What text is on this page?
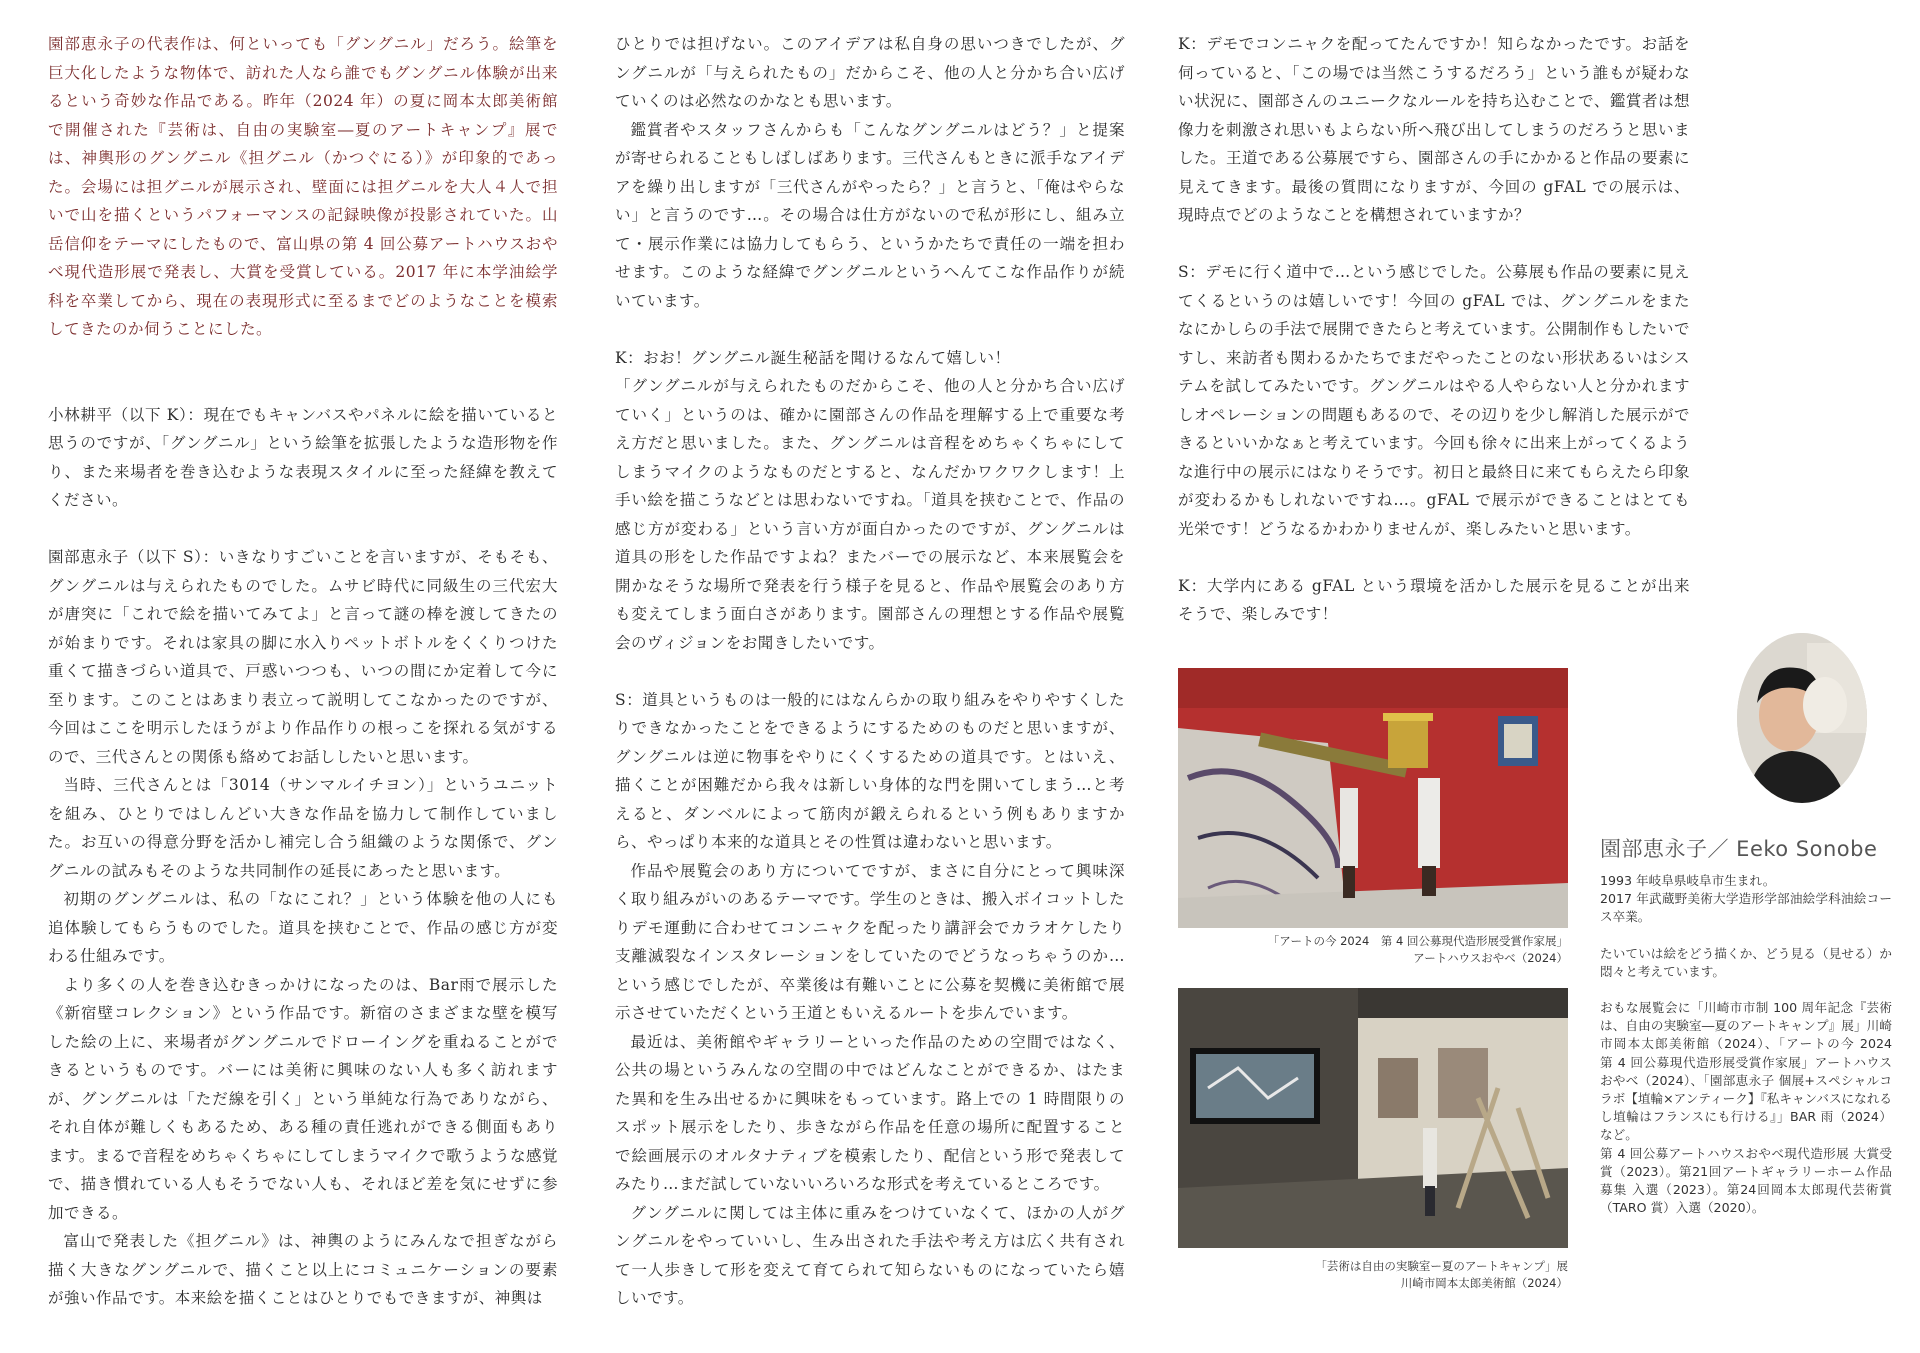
園部恵永子の代表作は、何といっても「グングニル」だろう。絵筆を巨大化したような物体で、訪れた人なら誰でもグングニル体験が出来るという奇妙な作品である。昨年（2024 年）の夏に岡本太郎美術館で開催された『芸術は、自由の実験室―夏のアートキャンプ』展では、神輿形のグングニル《担グニル（かつぐにる）》が印象的であった。会場には担グニルが展示され、壁面には担グニルを大人４人で担いで山を描くというパフォーマンスの記録映像が投影されていた。山岳信仰をテーマにしたもので、富山県の第 4 回公募アートハウスおやべ現代造形展で発表し、大賞を受賞している。2017 年に本学油絵学科を卒業してから、現在の表現形式に至るまでどのようなことを模索してきたのか伺うことにした。

小林耕平（以下 K）：現在でもキャンバスやパネルに絵を描いていると思うのですが、「グングニル」という絵筆を拡張したような造形物を作り、また来場者を巻き込むような表現スタイルに至った経緯を教えてください。

園部恵永子（以下 S）：いきなりすごいことを言いますが、そもそも、グングニルは与えられたものでした。ムサビ時代に同級生の三代宏大が唐突に「これで絵を描いてみてよ」と言って謎の棒を渡してきたのが始まりです。それは家具の脚に水入りペットボトルをくくりつけた重くて描きづらい道具で、戸惑いつつも、いつの間にか定着して今に至ります。このことはあまり表立って説明してこなかったのですが、今回はここを明示したほうがより作品作りの根っこを探れる気がするので、三代さんとの関係も絡めてお話ししたいと思います。

当時、三代さんとは「3014（サンマルイチヨン）」というユニットを組み、ひとりではしんどい大きな作品を協力して制作していました。お互いの得意分野を活かし補完し合う組織のような関係で、グングニルの試みもそのような共同制作の延長にあったと思います。

初期のグングニルは、私の「なにこれ？」という体験を他の人にも追体験してもらうものでした。道具を挟むことで、作品の感じ方が変わる仕組みです。

より多くの人を巻き込むきっかけになったのは、Bar雨で展示した《新宿壁コレクション》という作品です。新宿のさまざまな壁を模写した絵の上に、来場者がグングニルでドローイングを重ねることができるというものです。バーには美術に興味のない人も多く訪れますが、グングニルは「ただ線を引く」という単純な行為でありながら、それ自体が難しくもあるため、ある種の責任逃れができる側面もあります。まるで音程をめちゃくちゃにしてしまうマイクで歌うような感覚で、描き慣れている人もそうでない人も、それほど差を気にせずに参加できる。

富山で発表した《担グニル》は、神輿のようにみんなで担ぎながら描く大きなグングニルで、描くこと以上にコミュニケーションの要素が強い作品です。本来絵を描くことはひとりでもできますが、神輿は

ひとりでは担げない。このアイデアは私自身の思いつきでしたが、グングニルが「与えられたもの」だからこそ、他の人と分かち合い広げていくのは必然なのかなとも思います。

鑑賞者やスタッフさんからも「こんなグングニルはどう？」と提案が寄せられることもしばしばあります。三代さんもときに派手なアイデアを繰り出しますが「三代さんがやったら？」と言うと、「俺はやらない」と言うのです…。その場合は仕方がないので私が形にし、組み立て・展示作業には協力してもらう、というかたちで責任の一端を担わせます。このような経緯でグングニルというへんてこな作品作りが続いています。

K：おお！グングニル誕生秘話を聞けるなんて嬉しい！

「グングニルが与えられたものだからこそ、他の人と分かち合い広げていく」というのは、確かに園部さんの作品を理解する上で重要な考え方だと思いました。また、グングニルは音程をめちゃくちゃにしてしまうマイクのようなものだとすると、なんだかワクワクします！上手い絵を描こうなどとは思わないですね。「道具を挟むことで、作品の感じ方が変わる」という言い方が面白かったのですが、グングニルは道具の形をした作品ですよね？またバーでの展示など、本来展覧会を開かなそうな場所で発表を行う様子を見ると、作品や展覧会のあり方も変えてしまう面白さがあります。園部さんの理想とする作品や展覧会のヴィジョンをお聞きしたいです。

S：道具というものは一般的にはなんらかの取り組みをやりやすくしたりできなかったことをできるようにするためのものだと思いますが、グングニルは逆に物事をやりにくくするための道具です。とはいえ、描くことが困難だから我々は新しい身体的な門を開いてしまう…と考えると、ダンベルによって筋肉が鍛えられるという例もありますから、やっぱり本来的な道具とその性質は違わないと思います。

作品や展覧会のあり方についてですが、まさに自分にとって興味深く取り組みがいのあるテーマです。学生のときは、搬入ボイコットしたりデモ運動に合わせてコンニャクを配ったり講評会でカラオケしたり支離滅裂なインスタレーションをしていたのでどうなっちゃうのか…という感じでしたが、卒業後は有難いことに公募を契機に美術館で展示させていただくという王道ともいえるルートを歩んでいます。

最近は、美術館やギャラリーといった作品のための空間ではなく、公共の場というみんなの空間の中ではどんなことができるか、はたまた異和を生み出せるかに興味をもっています。路上での 1 時間限りのスポット展示をしたり、歩きながら作品を任意の場所に配置することで絵画展示のオルタナティブを模索したり、配信という形で発表してみたり…まだ試していないいろいろな形式を考えているところです。

グングニルに関しては主体に重みをつけていなくて、ほかの人がグングニルをやっていいし、生み出された手法や考え方は広く共有されて一人歩きして形を変えて育てられて知らないものになっていたら嬉しいです。

K：デモでコンニャクを配ってたんですか！知らなかったです。お話を伺っていると、「この場では当然こうするだろう」という誰もが疑わない状況に、園部さんのユニークなルールを持ち込むことで、鑑賞者は想像力を刺激され思いもよらない所へ飛び出してしまうのだろうと思いました。王道である公募展ですら、園部さんの手にかかると作品の要素に見えてきます。最後の質問になりますが、今回の gFAL での展示は、現時点でどのようなことを構想されていますか？

S：デモに行く道中で…という感じでした。公募展も作品の要素に見えてくるというのは嬉しいです！今回の gFAL では、グングニルをまたなにかしらの手法で展開できたらと考えています。公開制作もしたいですし、来訪者も関わるかたちでまだやったことのない形状あるいはシステムを試してみたいです。グングニルはやる人やらない人と分かれますしオペレーションの問題もあるので、その辺りを少し解消した展示ができるといいかなぁと考えています。今回も徐々に出来上がってくるような進行中の展示にはなりそうです。初日と最終日に来てもらえたら印象が変わるかもしれないですね…。gFAL で展示ができることはとても光栄です！どうなるかわかりませんが、楽しみたいと思います。

K：大学内にある gFAL という環境を活かした展示を見ることが出来そうで、楽しみです！

「アートの今 2024　第 4 回公募現代造形展受賞作家展」
アートハウスおやべ（2024）
「芸術は自由の実験室ー夏のアートキャンプ」展
川崎市岡本太郎美術館（2024）
園部恵永子／ Eeko Sonobe

1993 年岐阜県岐阜市生まれ。

2017 年武蔵野美術大学造形学部油絵学科油絵コース卒業。

たいていは絵をどう描くか、どう見る（見せる）か悶々と考えています。

おもな展覧会に「川崎市市制 100 周年記念『芸術は、自由の実験室―夏のアートキャンプ』展」川崎市岡本太郎美術館（2024）、「アートの今 2024　第 4 回公募現代造形展受賞作家展」アートハウスおやべ（2024）、「園部恵永子 個展+スペシャルコラボ【埴輪×アンティーク】『私キャンバスになれるし埴輪はフランスにも行ける』」BAR 雨（2024）など。

第 4 回公募アートハウスおやべ現代造形展 大賞受賞（2023）。第21回アートギャラリーホーム作品募集 入選（2023）。第24回岡本太郎現代芸術賞（TARO 賞）入選（2020）。
